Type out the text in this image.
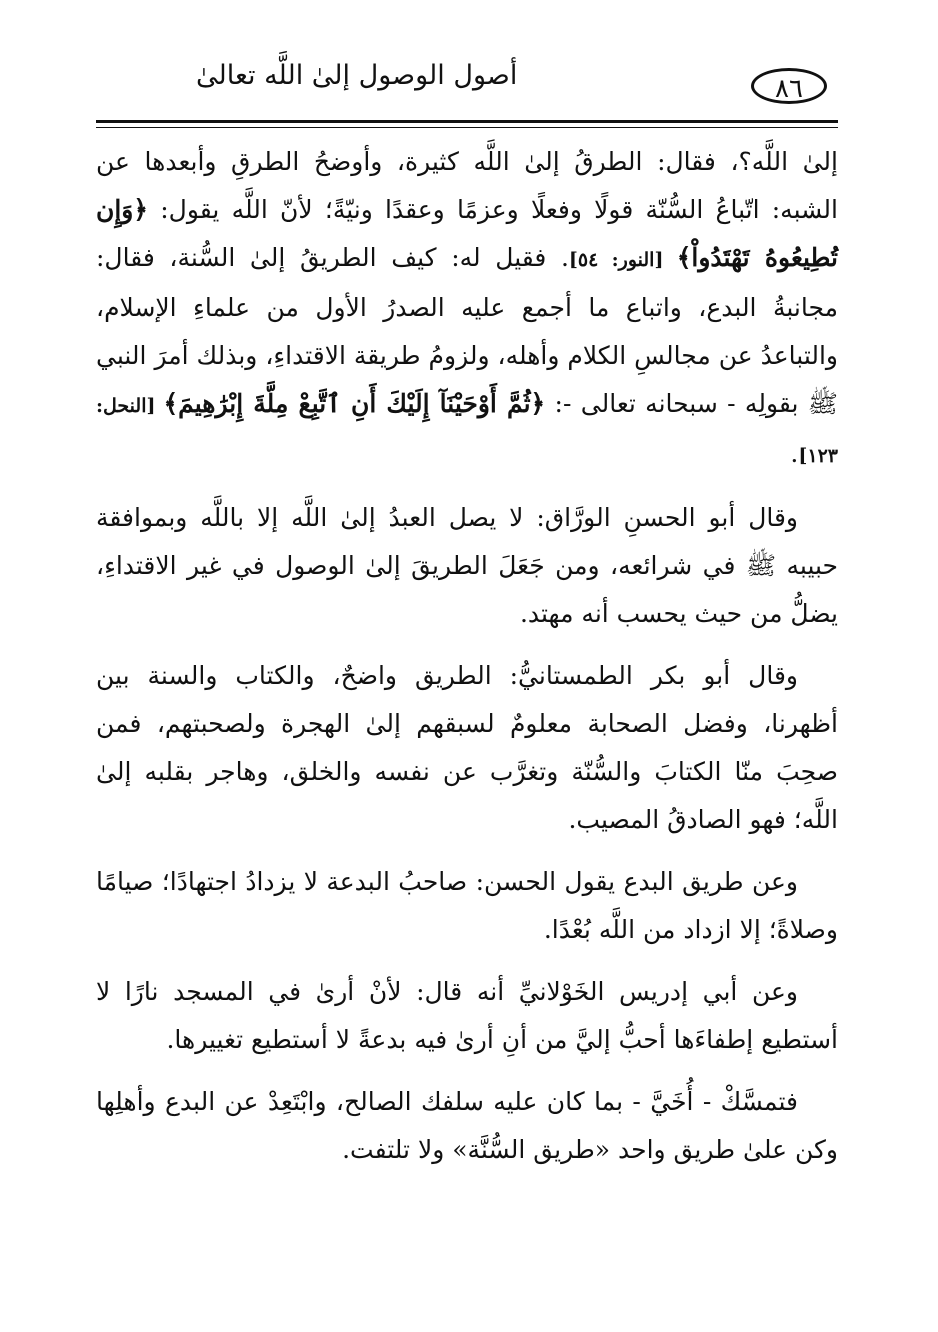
أصول الوصول إلىٰ اللَّه تعالىٰ	٨٦

إلىٰ اللَّه؟، فقال: الطرقُ إلىٰ اللَّه كثيرة، وأوضحُ الطرقِ وأبعدها عن الشبه: اتّباعُ السُّنّة قولًا وفعلًا وعزمًا وعقدًا ونيّةً؛ لأنّ اللَّه يقول: ﴿وَإِن تُطِيعُوهُ تَهْتَدُواْ﴾ [النور: ٥٤]. فقيل له: كيف الطريقُ إلىٰ السُّنة، فقال: مجانبةُ البدع، واتباع ما أجمع عليه الصدرُ الأول من علماءِ الإسلام، والتباعدُ عن مجالسِ الكلام وأهله، ولزومُ طريقة الاقتداءِ، وبذلك أمرَ النبي ﷺ بقولِه - سبحانه تعالى -: ﴿ثُمَّ أَوْحَيْنَآ إِلَيْكَ أَنِ ٱتَّبِعْ مِلَّةَ إِبْرَٰهِيمَ﴾ [النحل: ١٢٣].

وقال أبو الحسنِ الورَّاق: لا يصل العبدُ إلىٰ اللَّه إلا باللَّه وبموافقة حبيبه ﷺ في شرائعه، ومن جَعَلَ الطريقَ إلىٰ الوصول في غير الاقتداءِ، يضلُّ من حيث يحسب أنه مهتد.

وقال أبو بكر الطمستانيُّ: الطريق واضحٌ، والكتاب والسنة بين أظهرنا، وفضل الصحابة معلومٌ لسبقهم إلىٰ الهجرة ولصحبتهم، فمن صحِبَ منّا الكتابَ والسُّنّة وتغرَّب عن نفسه والخلق، وهاجر بقلبه إلىٰ اللَّه؛ فهو الصادقُ المصيب.

وعن طريق البدع يقول الحسن: صاحبُ البدعة لا يزدادُ اجتهادًا؛ صيامًا وصلاةً؛ إلا ازداد من اللَّه بُعْدًا.

وعن أبي إدريس الخَوْلانيِّ أنه قال: لأنْ أرىٰ في المسجد نارًا لا أستطيع إطفاءَها أحبُّ إليَّ من أنِ أرىٰ فيه بدعةً لا أستطيع تغييرها.

فتمسَّكْ - أُخَيَّ - بما كان عليه سلفك الصالح، وابْتَعِدْ عن البدع وأهلِها وكن علىٰ طريق واحد «طريق السُّنَّة» ولا تلتفت.
